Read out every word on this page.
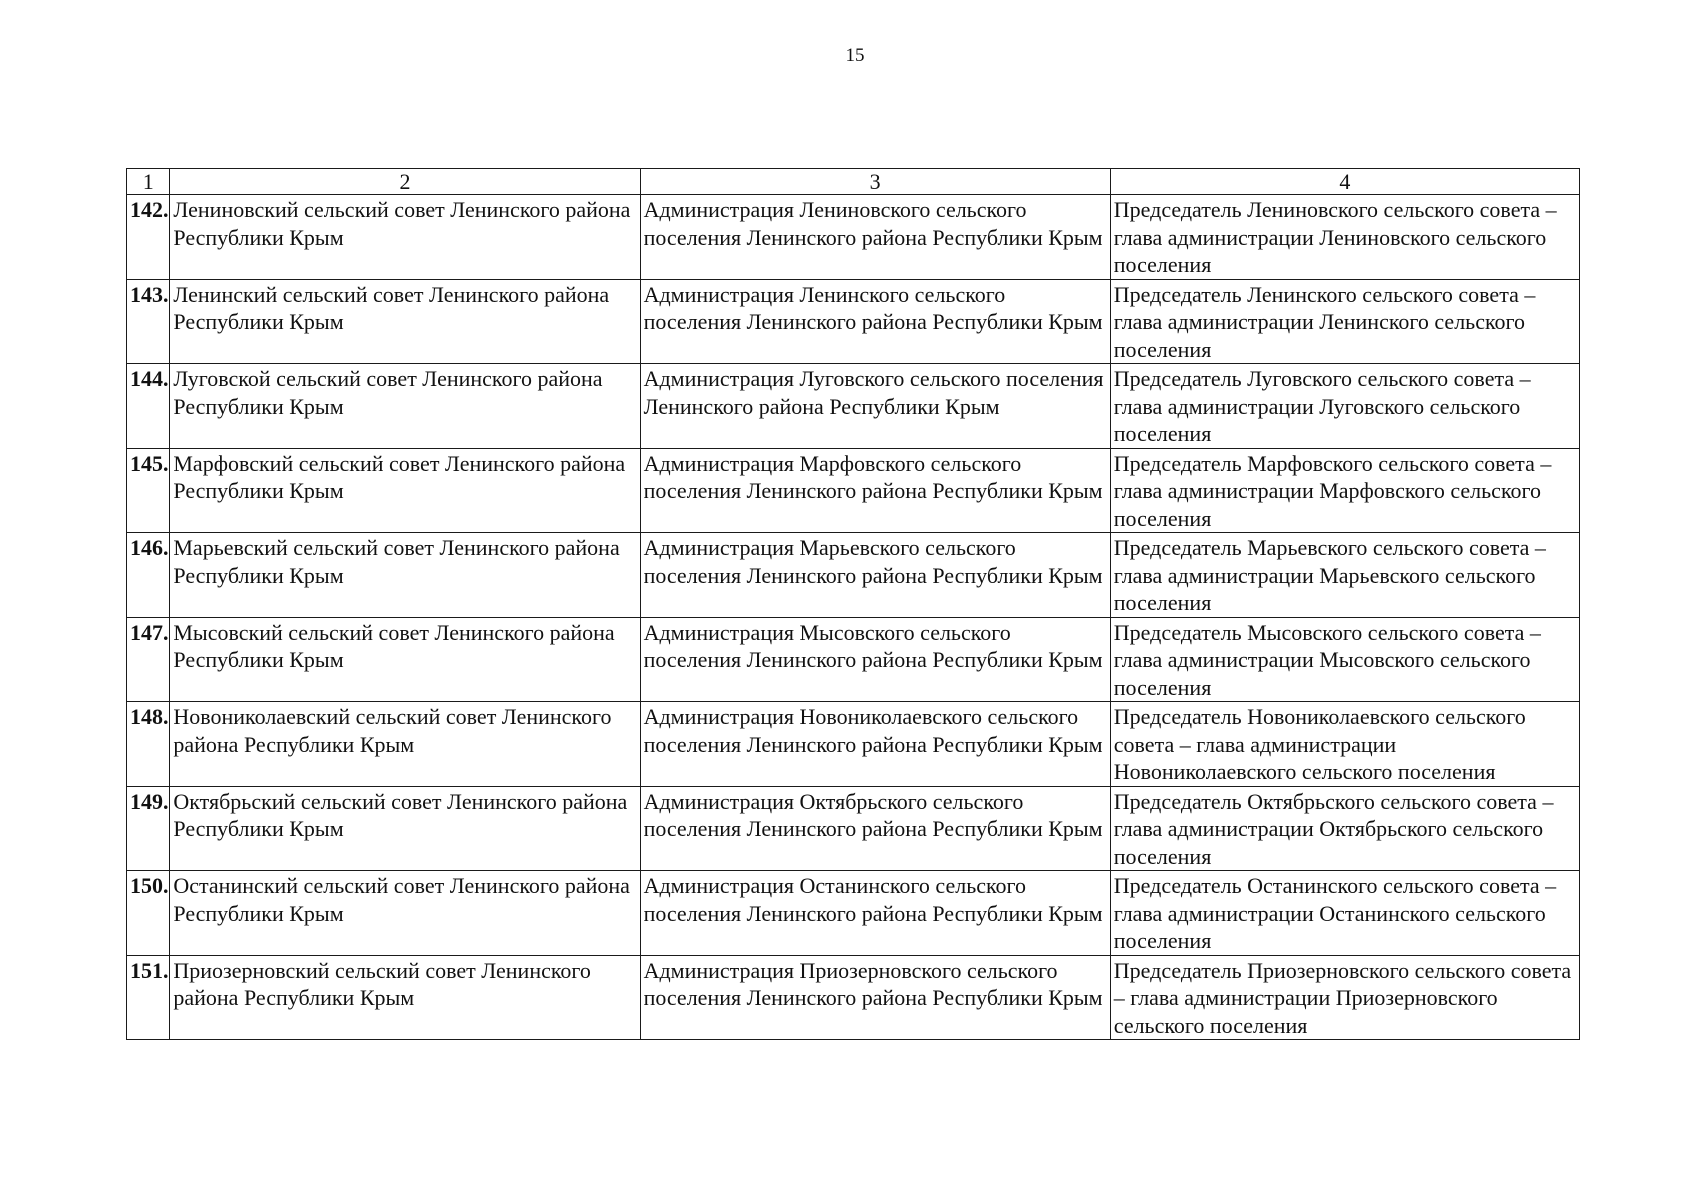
15
1	2	3	4
142.	Лениновский сельский совет Ленинского района Республики Крым	Администрация Лениновского сельского поселения Ленинского района Республики Крым	Председатель Лениновского сельского совета – глава администрации Лениновского сельского поселения
143.	Ленинский сельский совет Ленинского района Республики Крым	Администрация Ленинского сельского поселения Ленинского района Республики Крым	Председатель Ленинского сельского совета – глава администрации Ленинского сельского поселения
144.	Луговской сельский совет Ленинского района Республики Крым	Администрация Луговского сельского поселения Ленинского района Республики Крым	Председатель Луговского сельского совета – глава администрации Луговского сельского поселения
145.	Марфовский сельский совет Ленинского района Республики Крым	Администрация Марфовского сельского поселения Ленинского района Республики Крым	Председатель Марфовского сельского совета – глава администрации Марфовского сельского поселения
146.	Марьевский сельский совет Ленинского района Республики Крым	Администрация Марьевского сельского поселения Ленинского района Республики Крым	Председатель Марьевского сельского совета – глава администрации Марьевского сельского поселения
147.	Мысовский сельский совет Ленинского района Республики Крым	Администрация Мысовского сельского поселения Ленинского района Республики Крым	Председатель Мысовского сельского совета – глава администрации Мысовского сельского поселения
148.	Новониколаевский сельский совет Ленинского района Республики Крым	Администрация Новониколаевского сельского поселения Ленинского района Республики Крым	Председатель Новониколаевского сельского совета – глава администрации Новониколаевского сельского поселения
149.	Октябрьский сельский совет Ленинского района Республики Крым	Администрация Октябрьского сельского поселения Ленинского района Республики Крым	Председатель Октябрьского сельского совета – глава администрации Октябрьского сельского поселения
150.	Останинский сельский совет Ленинского района Республики Крым	Администрация Останинского сельского поселения Ленинского района Республики Крым	Председатель Останинского сельского совета – глава администрации Останинского сельского поселения
151.	Приозерновский сельский совет Ленинского района Республики Крым	Администрация Приозерновского сельского поселения Ленинского района Республики Крым	Председатель Приозерновского сельского совета – глава администрации Приозерновского сельского поселения
